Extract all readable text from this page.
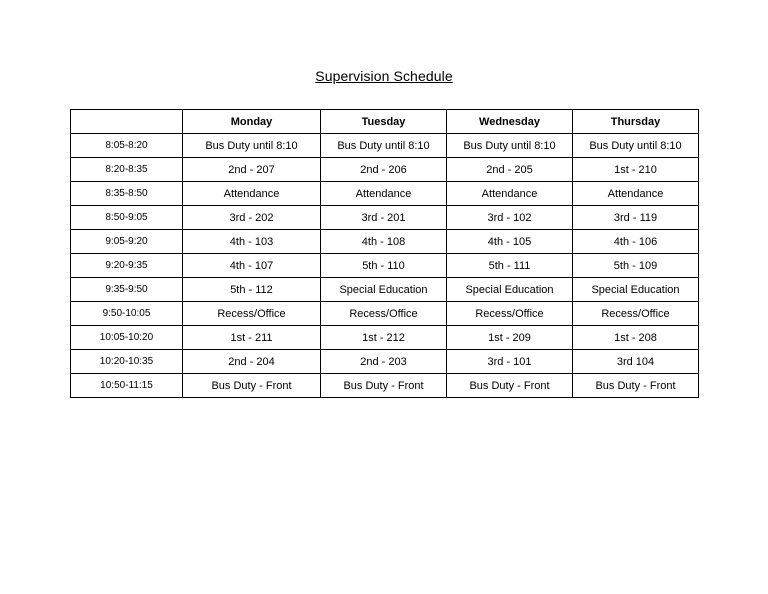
Supervision Schedule
	Monday	Tuesday	Wednesday	Thursday
8:05-8:20	Bus Duty until 8:10	Bus Duty until 8:10	Bus Duty until 8:10	Bus Duty until 8:10
8:20-8:35	2nd - 207	2nd - 206	2nd - 205	1st - 210
8:35-8:50	Attendance	Attendance	Attendance	Attendance
8:50-9:05	3rd - 202	3rd - 201	3rd - 102	3rd - 119
9:05-9:20	4th - 103	4th - 108	4th - 105	4th - 106
9:20-9:35	4th - 107	5th - 110	5th - 111	5th - 109
9:35-9:50	5th - 112	Special Education	Special Education	Special Education
9:50-10:05	Recess/Office	Recess/Office	Recess/Office	Recess/Office
10:05-10:20	1st - 211	1st - 212	1st - 209	1st - 208
10:20-10:35	2nd - 204	2nd - 203	3rd - 101	3rd 104
10:50-11:15	Bus Duty - Front	Bus Duty - Front	Bus Duty - Front	Bus Duty - Front
